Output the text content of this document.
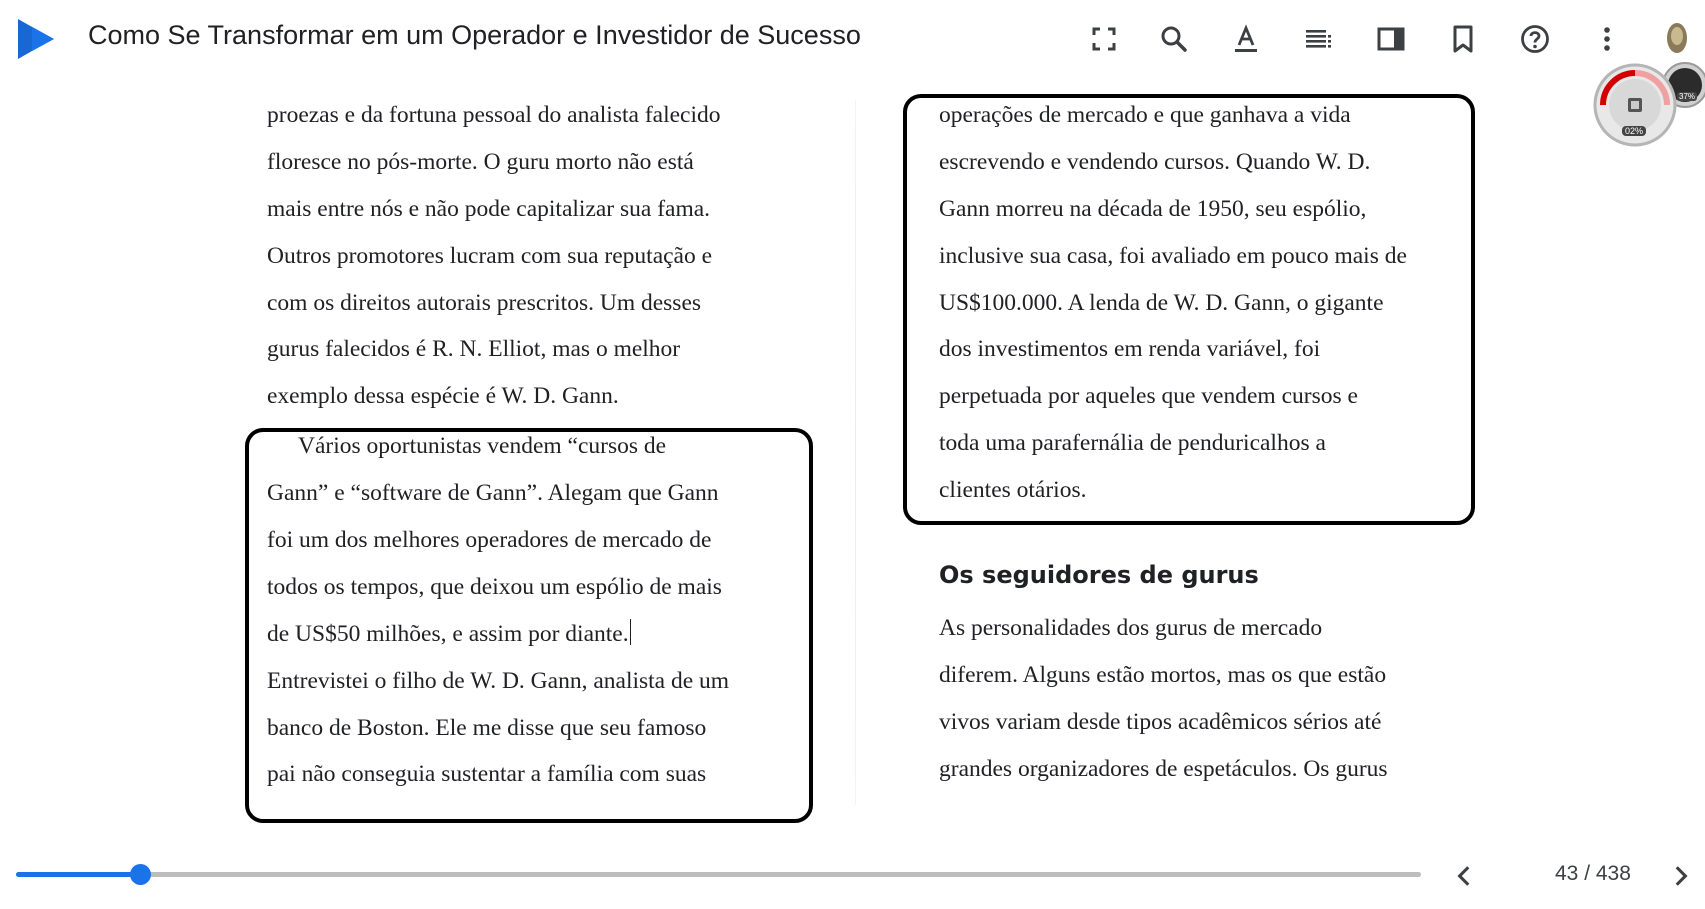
Como Se Transformar em um Operador e Investidor de Sucesso
02%
37%
proezas e da fortuna pessoal do analista falecido
floresce no pós-morte. O guru morto não está
mais entre nós e não pode capitalizar sua fama.
Outros promotores lucram com sua reputação e
com os direitos autorais prescritos. Um desses
gurus falecidos é R. N. Elliot, mas o melhor
exemplo dessa espécie é W. D. Gann.
Vários oportunistas vendem “cursos de
Gann” e “software de Gann”. Alegam que Gann
foi um dos melhores operadores de mercado de
todos os tempos, que deixou um espólio de mais
de US$50 milhões, e assim por diante.
Entrevistei o filho de W. D. Gann, analista de um
banco de Boston. Ele me disse que seu famoso
pai não conseguia sustentar a família com suas
operações de mercado e que ganhava a vida
escrevendo e vendendo cursos. Quando W. D.
Gann morreu na década de 1950, seu espólio,
inclusive sua casa, foi avaliado em pouco mais de
US$100.000. A lenda de W. D. Gann, o gigante
dos investimentos em renda variável, foi
perpetuada por aqueles que vendem cursos e
toda uma parafernália de penduricalhos a
clientes otários.
Os seguidores de gurus
As personalidades dos gurus de mercado
diferem. Alguns estão mortos, mas os que estão
vivos variam desde tipos acadêmicos sérios até
grandes organizadores de espetáculos. Os gurus
43 / 438
